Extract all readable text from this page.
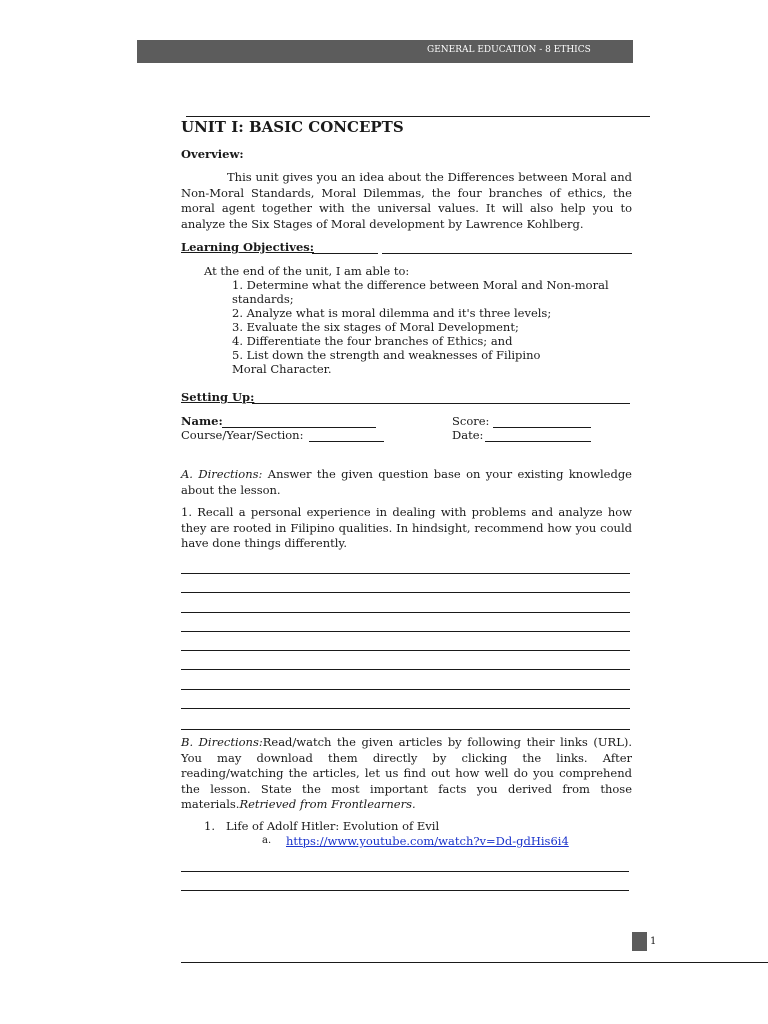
GENERAL EDUCATION - 8 ETHICS
UNIT I: BASIC CONCEPTS
Overview:

This unit gives you an idea about the Differences between Moral and Non-Moral Standards, Moral Dilemmas, the four branches of ethics, the moral agent together with the universal values. It will also help you to analyze the Six Stages of Moral development by Lawrence Kohlberg.

Learning Objectives:
At the end of the unit, I am able to:
1. Determine what the difference between Moral and Non-moral
standards;
2. Analyze what is moral dilemma and it's three levels;
3. Evaluate the six stages of Moral Development;
4. Differentiate the four branches of Ethics; and
5. List down the strength and weaknesses of Filipino
Moral Character.
Setting Up:
Name:	Score:
Course/Year/Section:	Date:

A. Directions: Answer the given question base on your existing knowledge about the lesson.

1. Recall a personal experience in dealing with problems and analyze how they are rooted in Filipino qualities. In hindsight, recommend how you could have done things differently.

B. Directions:Read/watch the given articles by following their links (URL). You may download them directly by clicking the links. After reading/watching the articles, let us find out how well do you comprehend the lesson. State the most important facts you derived from those materials.Retrieved from Frontlearners.

1. Life of Adolf Hitler: Evolution of Evil
a. https://www.youtube.com/watch?v=Dd-gdHis6i4
1
